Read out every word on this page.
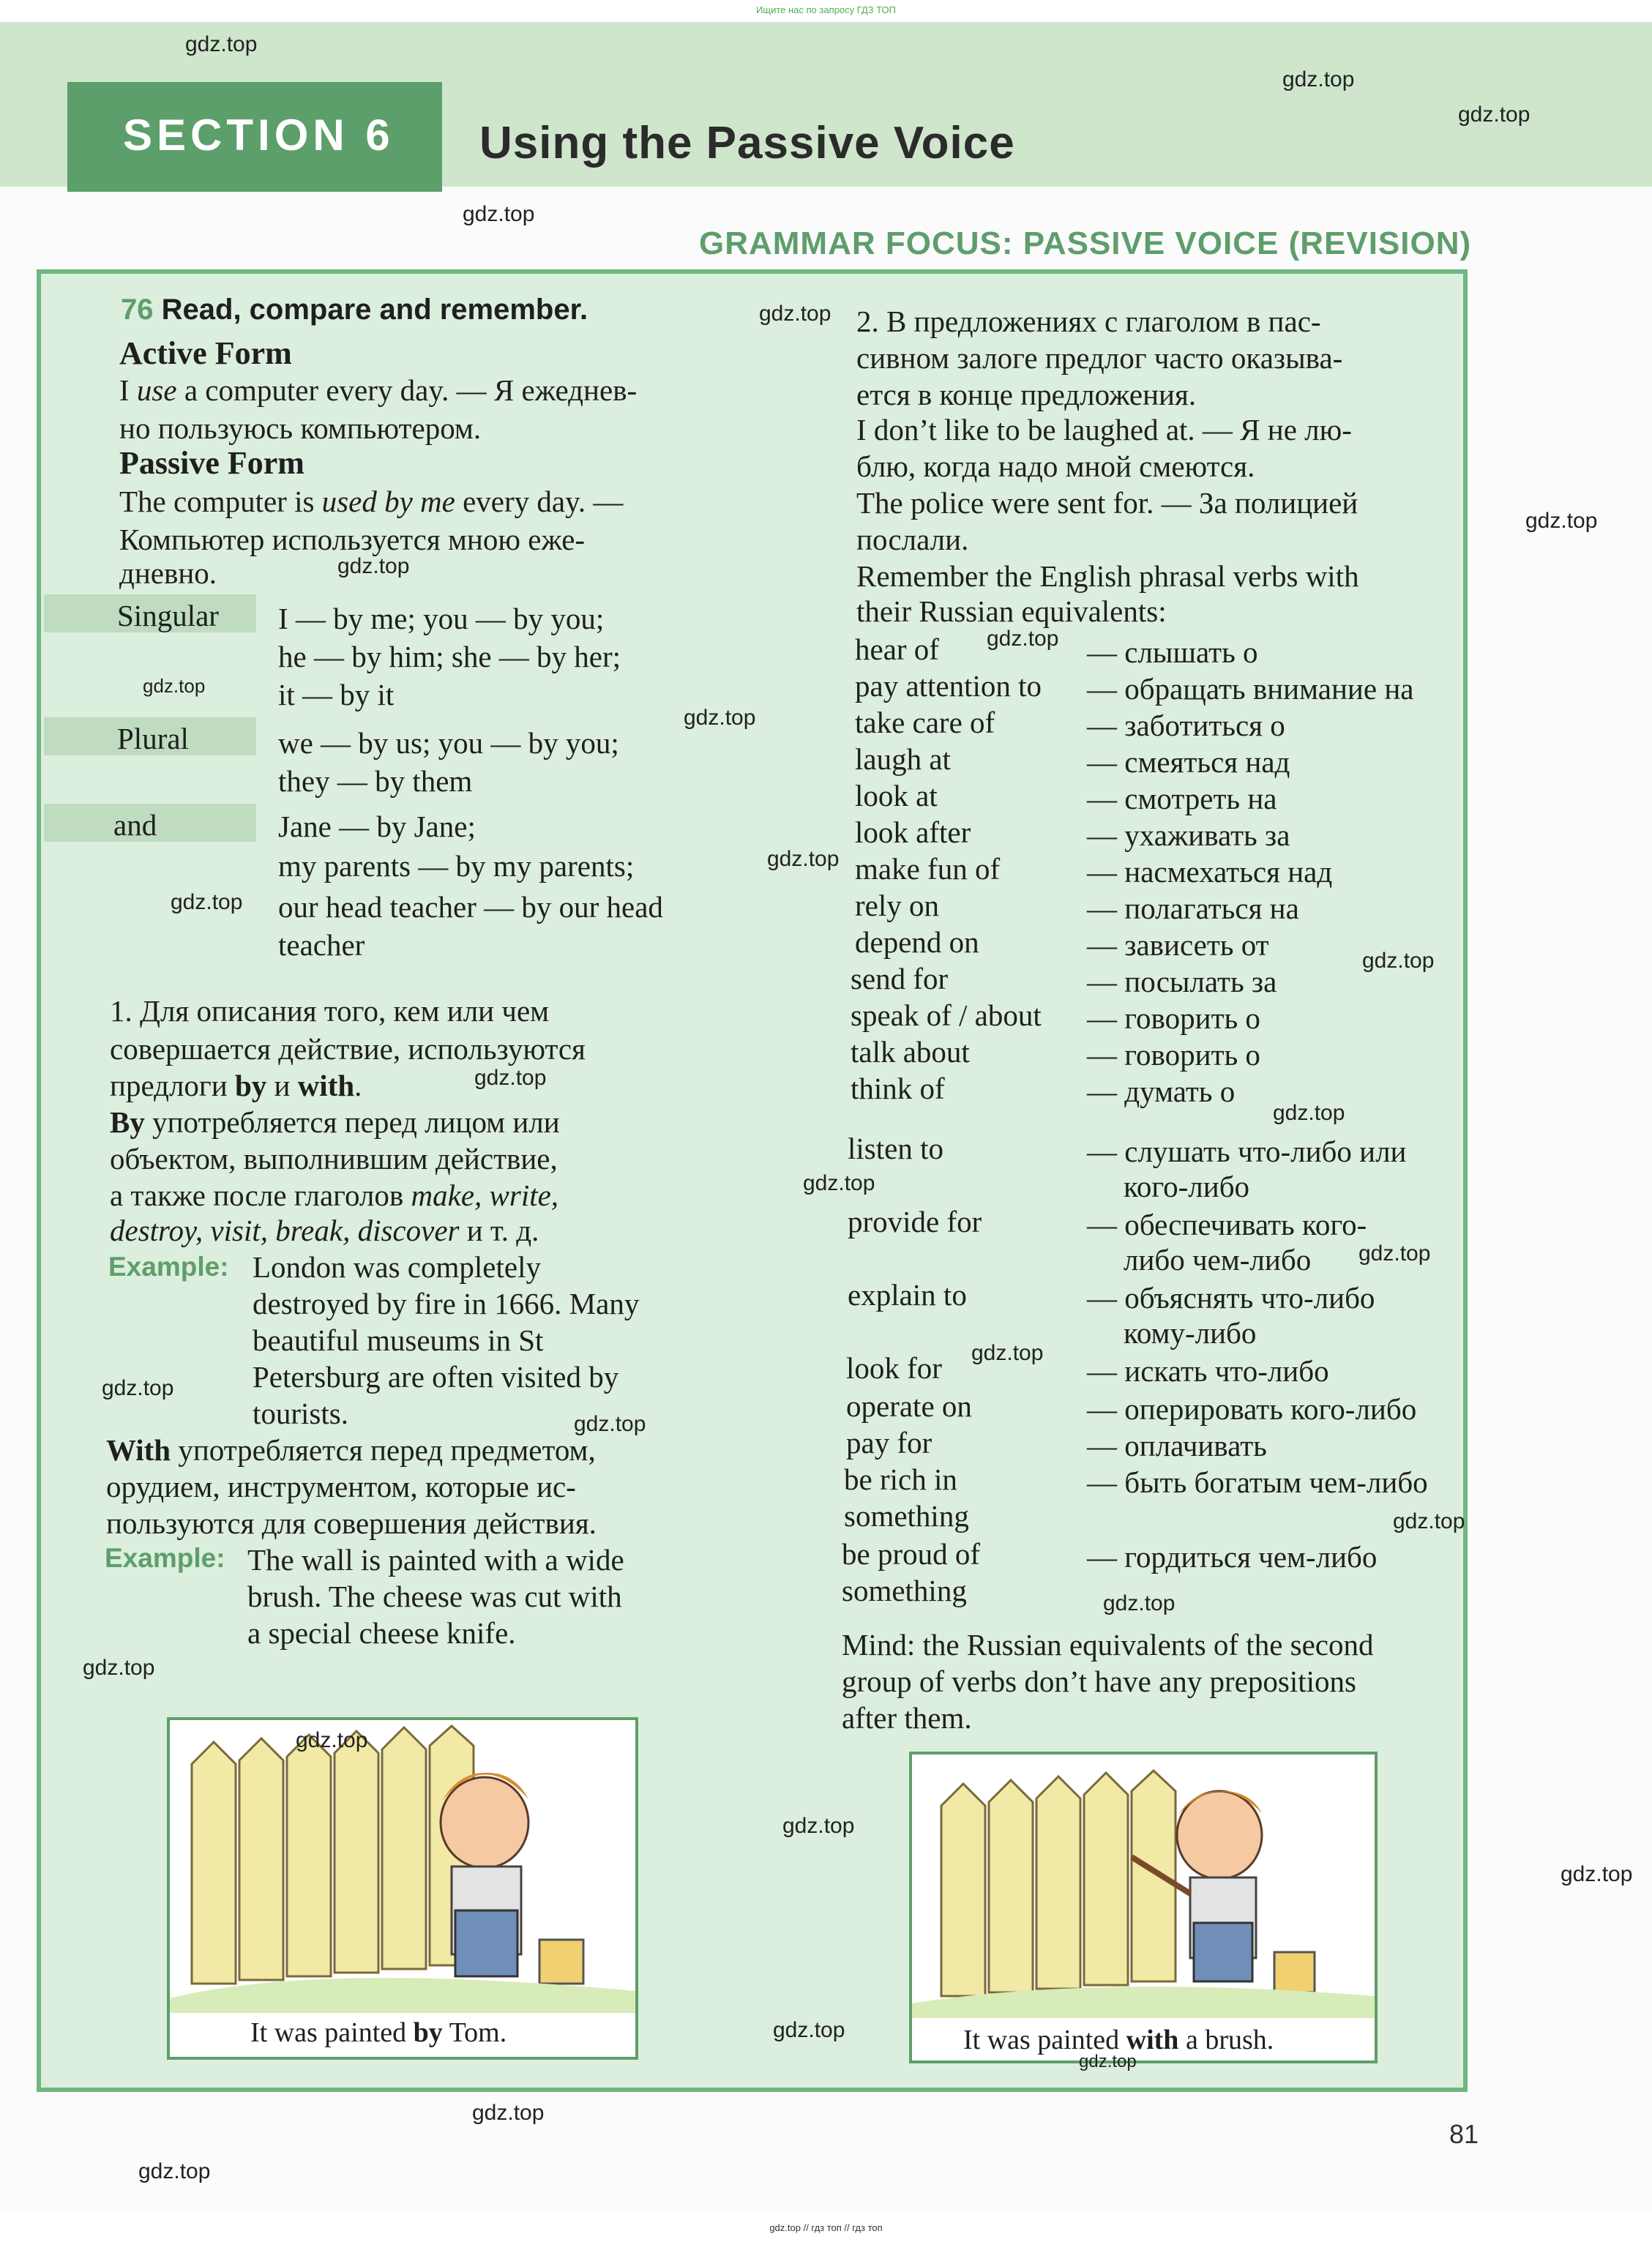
Ищите нас по запросу ГДЗ ТОП
SECTION 6 Using the Passive Voice
GRAMMAR FOCUS: PASSIVE VOICE (REVISION)
76 Read, compare and remember.
Active Form
I use a computer every day. — Я ежеднев-
но пользуюсь компьютером.
Passive Form
The computer is used by me every day. —
Компьютер используется мною еже-
дневно.
Singular I — by me; you — by you;
he — by him; she — by her;
it — by it
Plural	we — by us; you — by you;
they — by them
and	Jane — by Jane;
my parents — by my parents;
our head teacher — by our head
teacher
1. Для описания того, кем или чем
совершается действие, используются
предлоги by и with.
By употребляется перед лицом или
объектом, выполнившим действие,
а также после глаголов make, write,
destroy, visit, break, discover и т. д.
Example: London was completely
destroyed by fire in 1666. Many
beautiful museums in St
Petersburg are often visited by
tourists.
With употребляется перед предметом,
орудием, инструментом, которые ис-
пользуются для совершения действия.
Example: The wall is painted with a wide
brush. The cheese was cut with
a special cheese knife.
It was painted by Tom.
2. В предложениях с глаголом в пас-
сивном залоге предлог часто оказыва-
ется в конце предложения.
I don’t like to be laughed at. — Я не лю-
блю, когда надо мной смеются.
The police were sent for. — За полицией
послали.
Remember the English phrasal verbs with
their Russian equivalents:
hear of	— слышать о
pay attention to — обращать внимание на
take care of	— заботиться о
laugh at	— смеяться над
look at	— смотреть на
look after	— ухаживать за
make fun of	— насмехаться над
rely on	— полагаться на
depend on	— зависеть от
send for	— посылать за
speak of / about — говорить о
talk about	— говорить о
think of	— думать о
listen to	— слушать что-либо или
кого-либо
provide for	— обеспечивать кого-
либо чем-либо
explain to	— объяснять что-либо
кому-либо
look for	— искать что-либо
operate on	— оперировать кого-либо
pay for	— оплачивать
be rich in	— быть богатым чем-либо
something
be proud of	— гордиться чем-либо
something
Mind: the Russian equivalents of the second
group of verbs don’t have any prepositions
after them.
It was painted with a brush.
gdz.top
gdz.top
gdz.top
gdz.top
gdz.top
gdz.top
gdz.top
gdz.top
gdz.top
gdz.top
gdz.top
gdz.top
gdz.top
gdz.top
gdz.top
gdz.top
gdz.top
gdz.top
gdz.top
gdz.top
gdz.top
gdz.top
gdz.top
gdz.top
gdz.top
gdz.top
gdz.top
gdz.top
gdz.top
gdz.top
81
gdz.top // гдз топ // гдз топ
